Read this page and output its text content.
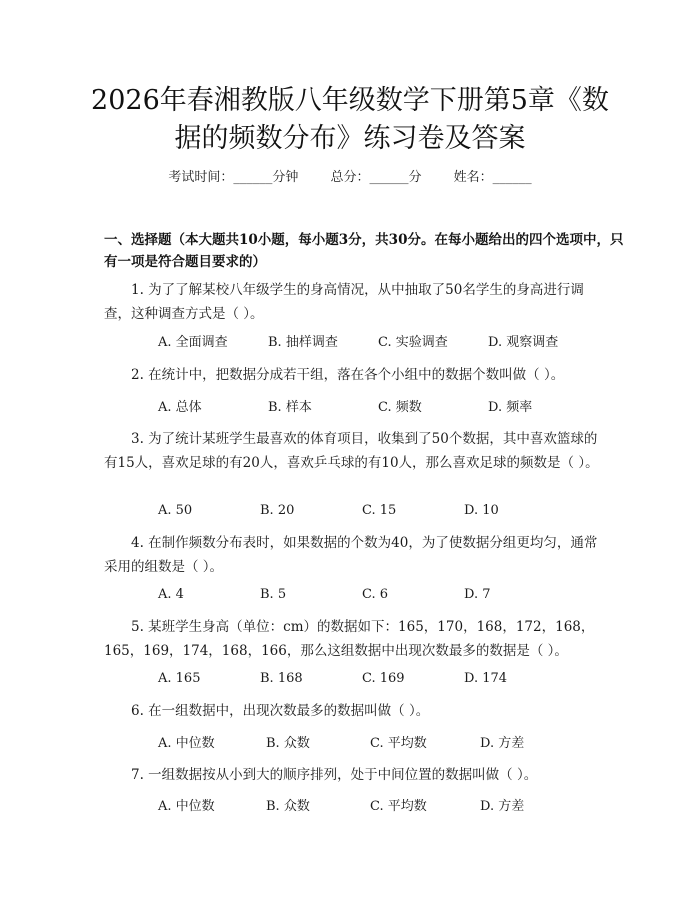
2026年春湘教版八年级数学下册第5章《数
据的频数分布》练习卷及答案
考试时间：______分钟 总分：______分 姓名：______
一、选择题（本大题共10小题，每小题3分，共30分。在每小题给出的四个选项中，只有一项是符合题目要求的）
1. 为了了解某校八年级学生的身高情况，从中抽取了50名学生的身高进行调查，这种调查方式是（ ）。
A. 全面调查	B. 抽样调查	C. 实验调查	D. 观察调查
2. 在统计中，把数据分成若干组，落在各个小组中的数据个数叫做（ ）。
A. 总体	B. 样本	C. 频数	D. 频率
3. 为了统计某班学生最喜欢的体育项目，收集到了50个数据，其中喜欢篮球的有15人，喜欢足球的有20人，喜欢乒乓球的有10人，那么喜欢足球的频数是（ ）。
A. 50	B. 20	C. 15	D. 10
4. 在制作频数分布表时，如果数据的个数为40，为了使数据分组更均匀，通常采用的组数是（ ）。
A. 4	B. 5	C. 6	D. 7
5. 某班学生身高（单位：cm）的数据如下：165，170，168，172，168，165，169，174，168，166，那么这组数据中出现次数最多的数据是（ ）。
A. 165	B. 168	C. 169	D. 174
6. 在一组数据中，出现次数最多的数据叫做（ ）。
A. 中位数	B. 众数	C. 平均数	D. 方差
7. 一组数据按从小到大的顺序排列，处于中间位置的数据叫做（ ）。
A. 中位数	B. 众数	C. 平均数	D. 方差
